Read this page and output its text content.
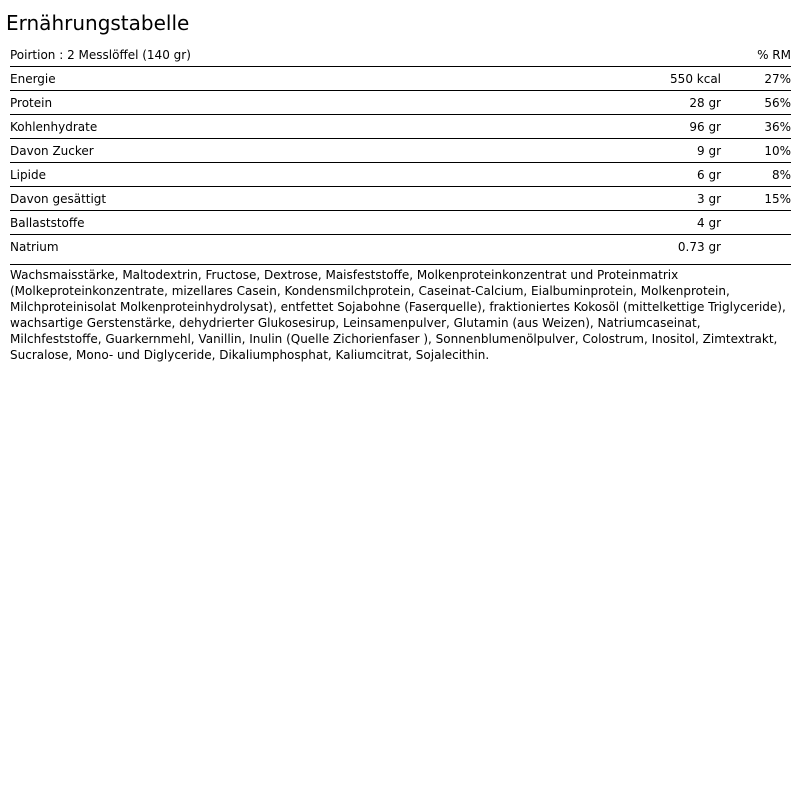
Ernährungstabelle
Poirtion : 2 Messlöffel (140 gr)		% RM
Energie	550 kcal	27%
Protein	28 gr	56%
Kohlenhydrate	96 gr	36%
Davon Zucker	9 gr	10%
Lipide	6 gr	8%
Davon gesättigt	3 gr	15%
Ballaststoffe	4 gr	
Natrium	0.73 gr	
Wachsmaisstärke, Maltodextrin, Fructose, Dextrose, Maisfeststoffe, Molkenproteinkonzentrat und Proteinmatrix (Molkeproteinkonzentrate, mizellares Casein, Kondensmilchprotein, Caseinat-Calcium, Eialbuminprotein, Molkenprotein, Milchproteinisolat Molkenproteinhydrolysat), entfettet Sojabohne (Faserquelle), fraktioniertes Kokosöl (mittelkettige Triglyceride), wachsartige Gerstenstärke, dehydrierter Glukosesirup, Leinsamenpulver, Glutamin (aus Weizen), Natriumcaseinat, Milchfeststoffe, Guarkernmehl, Vanillin, Inulin (Quelle Zichorienfaser ), Sonnenblumenölpulver, Colostrum, Inositol, Zimtextrakt, Sucralose, Mono- und Diglyceride, Dikaliumphosphat, Kaliumcitrat, Sojalecithin.
